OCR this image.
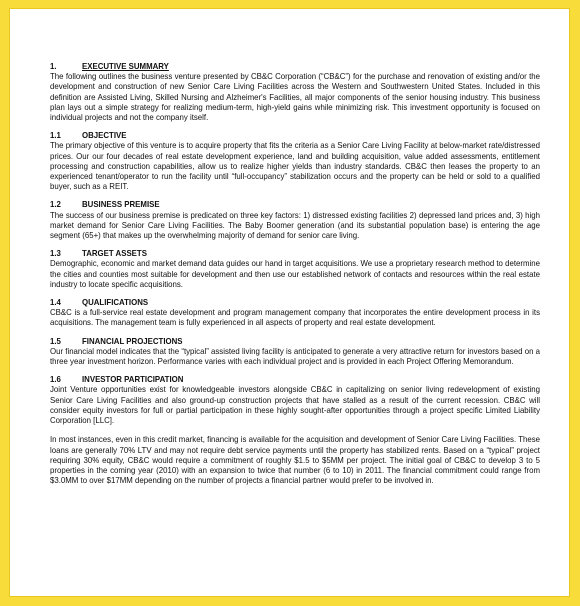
1.	EXECUTIVE SUMMARY
The following outlines the business venture presented by CB&C Corporation (“CB&C”) for the purchase and renovation of existing and/or the development and construction of new Senior Care Living Facilities across the Western and Southwestern United States. Included in this definition are Assisted Living, Skilled Nursing and Alzheimer's Facilities, all major components of the senior housing industry. This business plan lays out a simple strategy for realizing medium-term, high-yield gains while minimizing risk. This investment opportunity is focused on individual projects and not the company itself.
1.1	OBJECTIVE
The primary objective of this venture is to acquire property that fits the criteria as a Senior Care Living Facility at below-market rate/distressed prices. Our our four decades of real estate development experience, land and building acquisition, value added assessments, entitlement processing and construction capabilities, allow us to realize higher yields than industry standards. CB&C then leases the property to an experienced tenant/operator to run the facility until “full-occupancy” stabilization occurs and the property can be held or sold to a qualified buyer, such as a REIT.
1.2	BUSINESS PREMISE
The success of our business premise is predicated on three key factors: 1) distressed existing facilities 2) depressed land prices and, 3) high market demand for Senior Care Living Facilities. The Baby Boomer generation (and its substantial population base) is entering the age segment (65+) that makes up the overwhelming majority of demand for senior care living.
1.3	TARGET ASSETS
Demographic, economic and market demand data guides our hand in target acquisitions. We use a proprietary research method to determine the cities and counties most suitable for development and then use our established network of contacts and resources within the real estate industry to locate specific acquisitions.
1.4	QUALIFICATIONS
CB&C is a full-service real estate development and program management company that incorporates the entire development process in its acquisitions. The management team is fully experienced in all aspects of property and real estate development.
1.5	FINANCIAL PROJECTIONS
Our financial model indicates that the “typical” assisted living facility is anticipated to generate a very attractive return for investors based on a three year investment horizon. Performance varies with each individual project and is provided in each Project Offering Memorandum.
1.6	INVESTOR PARTICIPATION
Joint Venture opportunities exist for knowledgeable investors alongside CB&C in capitalizing on senior living redevelopment of existing Senior Care Living Facilities and also ground-up construction projects that have stalled as a result of the current recession. CB&C will consider equity investors for full or partial participation in these highly sought-after opportunities through a project specific Limited Liability Corporation [LLC].
In most instances, even in this credit market, financing is available for the acquisition and development of Senior Care Living Facilities. These loans are generally 70% LTV and may not require debt service payments until the property has stabilized rents. Based on a “typical” project requiring 30% equity, CB&C would require a commitment of roughly $1.5 to $5MM per project. The initial goal of CB&C to develop 3 to 5 properties in the coming year (2010) with an expansion to twice that number (6 to 10) in 2011. The financial commitment could range from $3.0MM to over $17MM depending on the number of projects a financial partner would prefer to be involved in.
